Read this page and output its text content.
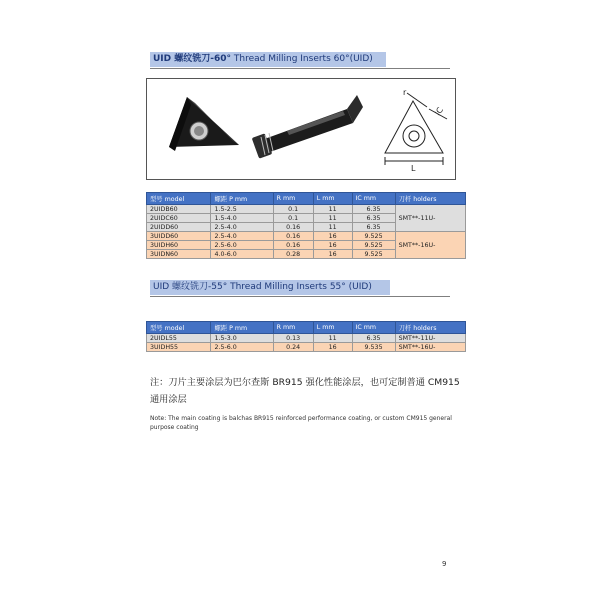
UID 螺纹铣刀-60° Thread Milling Inserts 60°(UID)
r
IC
L
型号 model	螺距 P mm	R mm	L mm	IC mm	刀杆 holders
2UIDB60	1.5-2.5	0.1	11	6.35	SMT**-11U-
2UIDC60	1.5-4.0	0.1	11	6.35	
2UIDD60	2.5-4.0	0.16	11	6.35	
3UIDD60	2.5-4.0	0.16	16	9.525	SMT**-16U-
3UIDH60	2.5-6.0	0.16	16	9.525	
3UIDN60	4.0-6.0	0.28	16	9.525	
UID 螺纹铣刀-55° Thread Milling Inserts 55° (UID)
型号 model	螺距 P mm	R mm	L mm	IC mm	刀杆 holders
2UIDL55	1.5-3.0	0.13	11	6.35	SMT**-11U-
3UIDH55	2.5-6.0	0.24	16	9.535	SMT**-16U-
注：刀片主要涂层为巴尔查斯 BR915 强化性能涂层，也可定制普通 CM915 通用涂层
Note: The main coating is balchas BR915 reinforced performance coating, or custom CM915 general purpose coating
9
